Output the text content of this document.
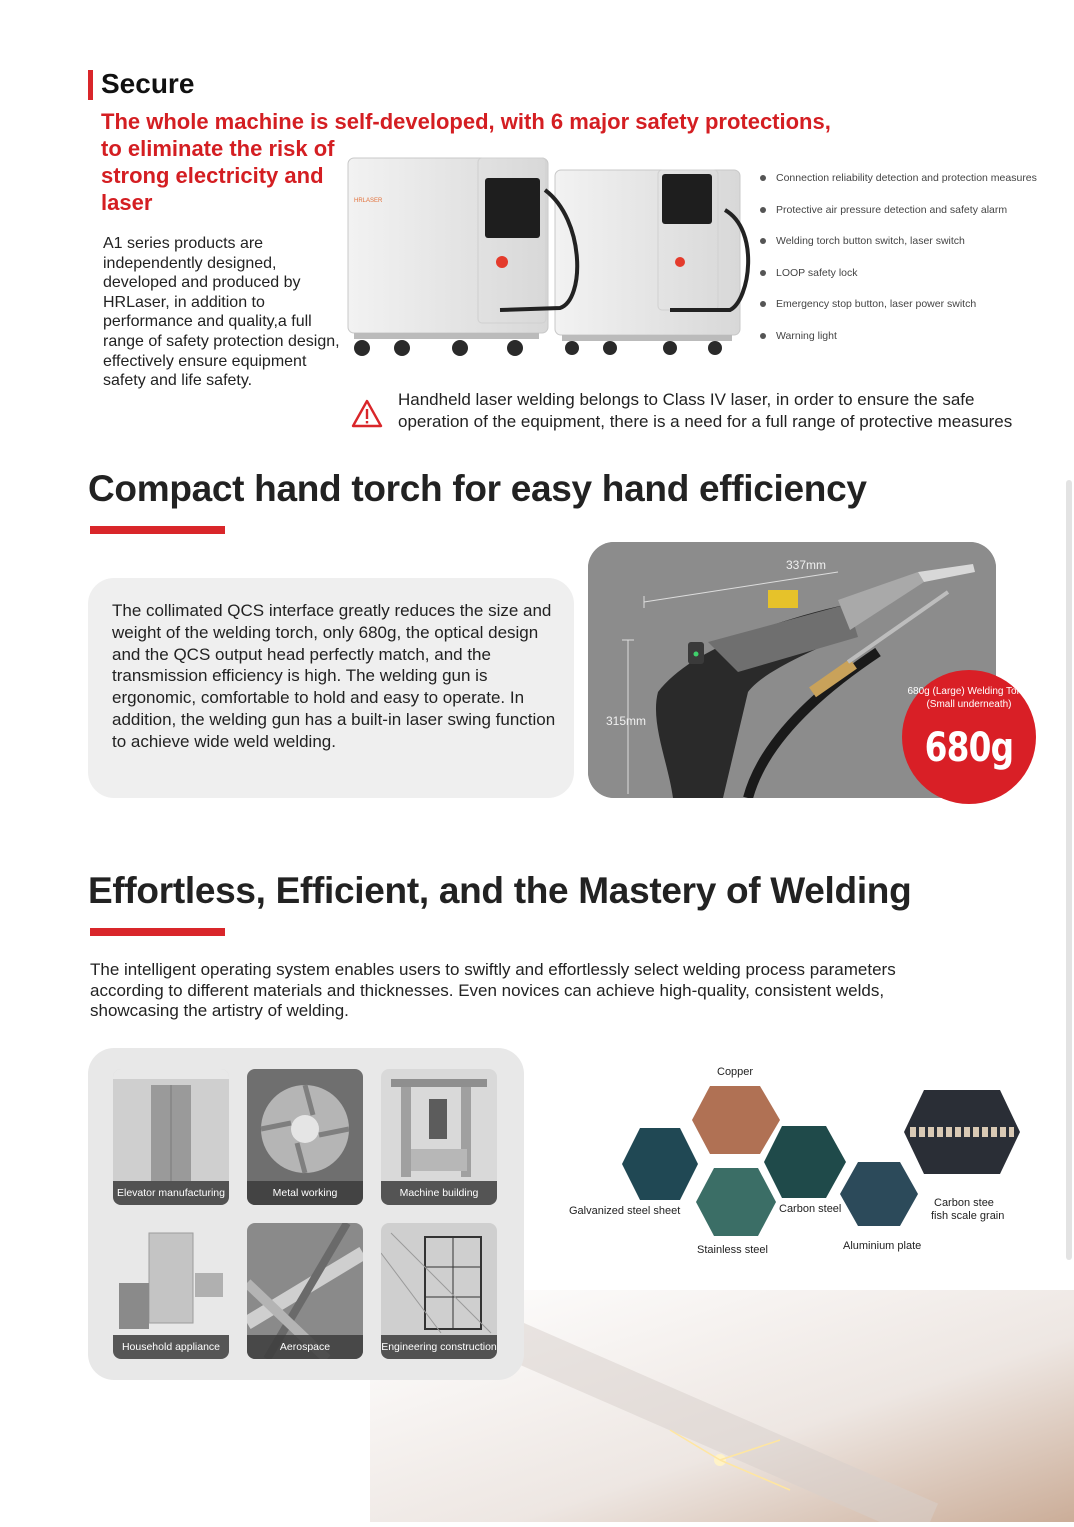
Secure
The whole machine is self-developed, with 6 major safety protections,
to eliminate the risk of
strong electricity and
laser
A1 series products are independently designed, developed and produced by HRLaser, in addition to performance and quality,a full range of safety protection design, effectively ensure equipment safety and life safety.
HRLASER
Connection reliability detection and protection measures
Protective air pressure detection and safety alarm
Welding torch button switch, laser switch
LOOP safety lock
Emergency stop button, laser power switch
Warning light
Handheld laser welding belongs to Class IV laser, in order to ensure the safe operation of the equipment, there is a need for a full range of protective measures
Compact hand torch for easy hand efficiency
The collimated QCS interface greatly reduces the size and weight of the welding torch, only 680g, the optical design and the QCS output head perfectly match, and the transmission efficiency is high. The welding gun is ergonomic, comfortable to hold and easy to operate. In addition, the welding gun has a built-in laser swing function to achieve wide weld welding.
337mm
315mm
680g (Large) Welding Torch (Small underneath)
680g
Effortless, Efficient, and the Mastery of Welding
The intelligent operating system enables users to swiftly and effortlessly select welding process parameters according to different materials and thicknesses. Even novices can achieve high-quality, consistent welds, showcasing the artistry of welding.
Elevator manufacturing	Metal working	Machine building
Household appliance	Aerospace	Engineering construction
Copper
Galvanized steel sheet	Carbon steel	Carbon stee
fish scale grain
Stainless steel	Aluminium plate
